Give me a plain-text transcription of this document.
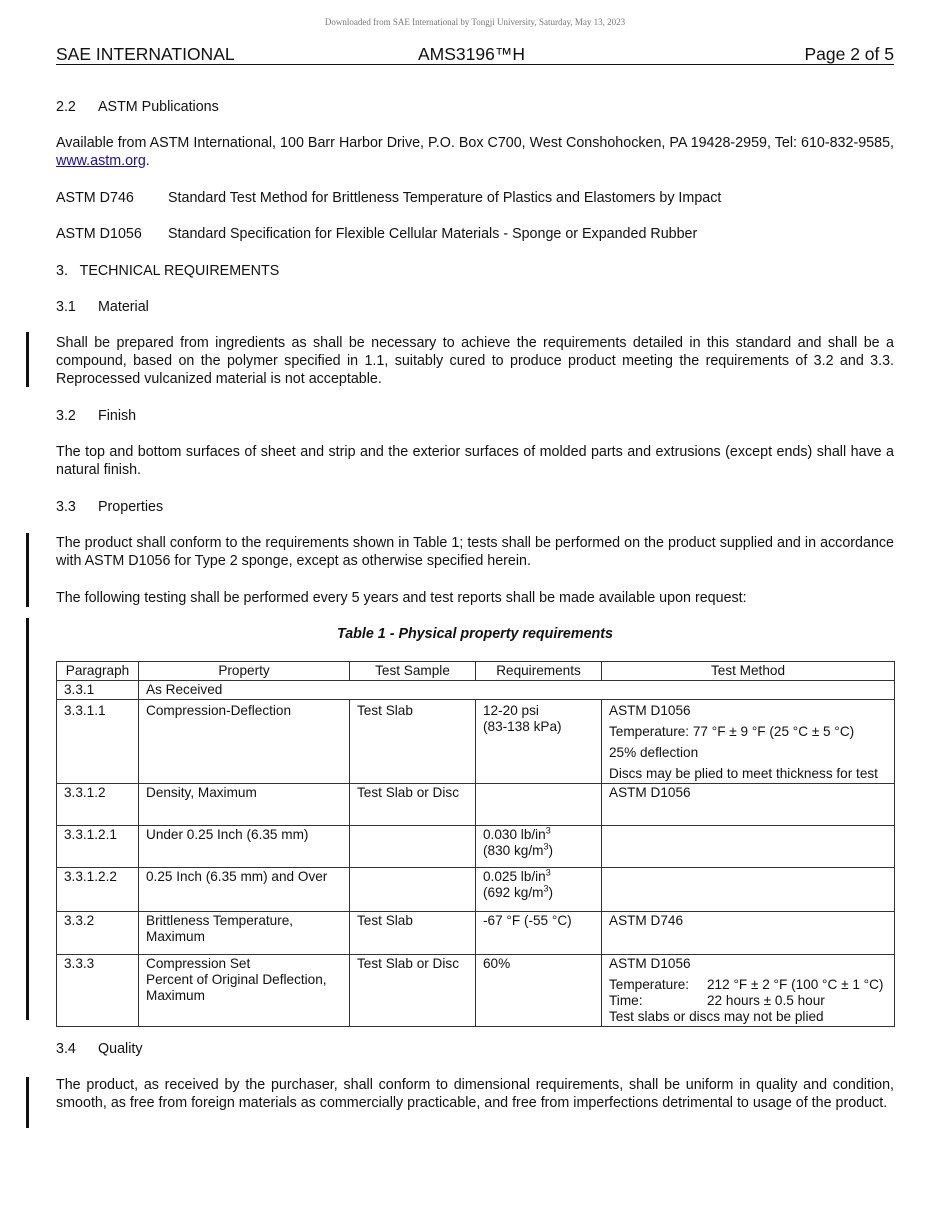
Downloaded from SAE International by Tongji University, Saturday, May 13, 2023
SAE INTERNATIONAL	AMS3196™H	Page 2 of 5
2.2 ASTM Publications
Available from ASTM International, 100 Barr Harbor Drive, P.O. Box C700, West Conshohocken, PA 19428-2959, Tel: 610-832-9585, www.astm.org.
ASTM D746 Standard Test Method for Brittleness Temperature of Plastics and Elastomers by Impact
ASTM D1056 Standard Specification for Flexible Cellular Materials - Sponge or Expanded Rubber
3.   TECHNICAL REQUIREMENTS
3.1 Material
Shall be prepared from ingredients as shall be necessary to achieve the requirements detailed in this standard and shall be a compound, based on the polymer specified in 1.1, suitably cured to produce product meeting the requirements of 3.2 and 3.3. Reprocessed vulcanized material is not acceptable.
3.2 Finish
The top and bottom surfaces of sheet and strip and the exterior surfaces of molded parts and extrusions (except ends) shall have a natural finish.
3.3 Properties
The product shall conform to the requirements shown in Table 1; tests shall be performed on the product supplied and in accordance with ASTM D1056 for Type 2 sponge, except as otherwise specified herein.
The following testing shall be performed every 5 years and test reports shall be made available upon request:
Table 1 - Physical property requirements
Paragraph	Property	Test Sample	Requirements	Test Method
3.3.1	As Received			
3.3.1.1	Compression-Deflection	Test Slab	12-20 psi
(83-138 kPa)	ASTM D1056
Temperature: 77 °F ± 9 °F (25 °C ± 5 °C)
25% deflection
Discs may be plied to meet thickness for test

3.3.1.2	Density, Maximum	Test Slab or Disc		ASTM D1056
3.3.1.2.1	Under 0.25 Inch (6.35 mm)		0.030 $lb/in^3$
(830 $kg/m^3$)	

3.3.1.2.2	0.25 Inch (6.35 mm) and Over		0.025 $lb/in^3$
(692 $kg/m^3$)	

3.3.2	Brittleness Temperature,
Maximum	Test Slab	-67 °F (-55 °C)	ASTM D746
3.3.3	Compression Set
Percent of Original Deflection,
Maximum	Test Slab or Disc	60%	ASTM D1056
Temperature: 212 °F ± 2 °F (100 °C ± 1 °C)
Time: 22 hours ± 0.5 hour
Test slabs or discs may not be plied
3.4 Quality
The product, as received by the purchaser, shall conform to dimensional requirements, shall be uniform in quality and condition, smooth, as free from foreign materials as commercially practicable, and free from imperfections detrimental to usage of the product.
